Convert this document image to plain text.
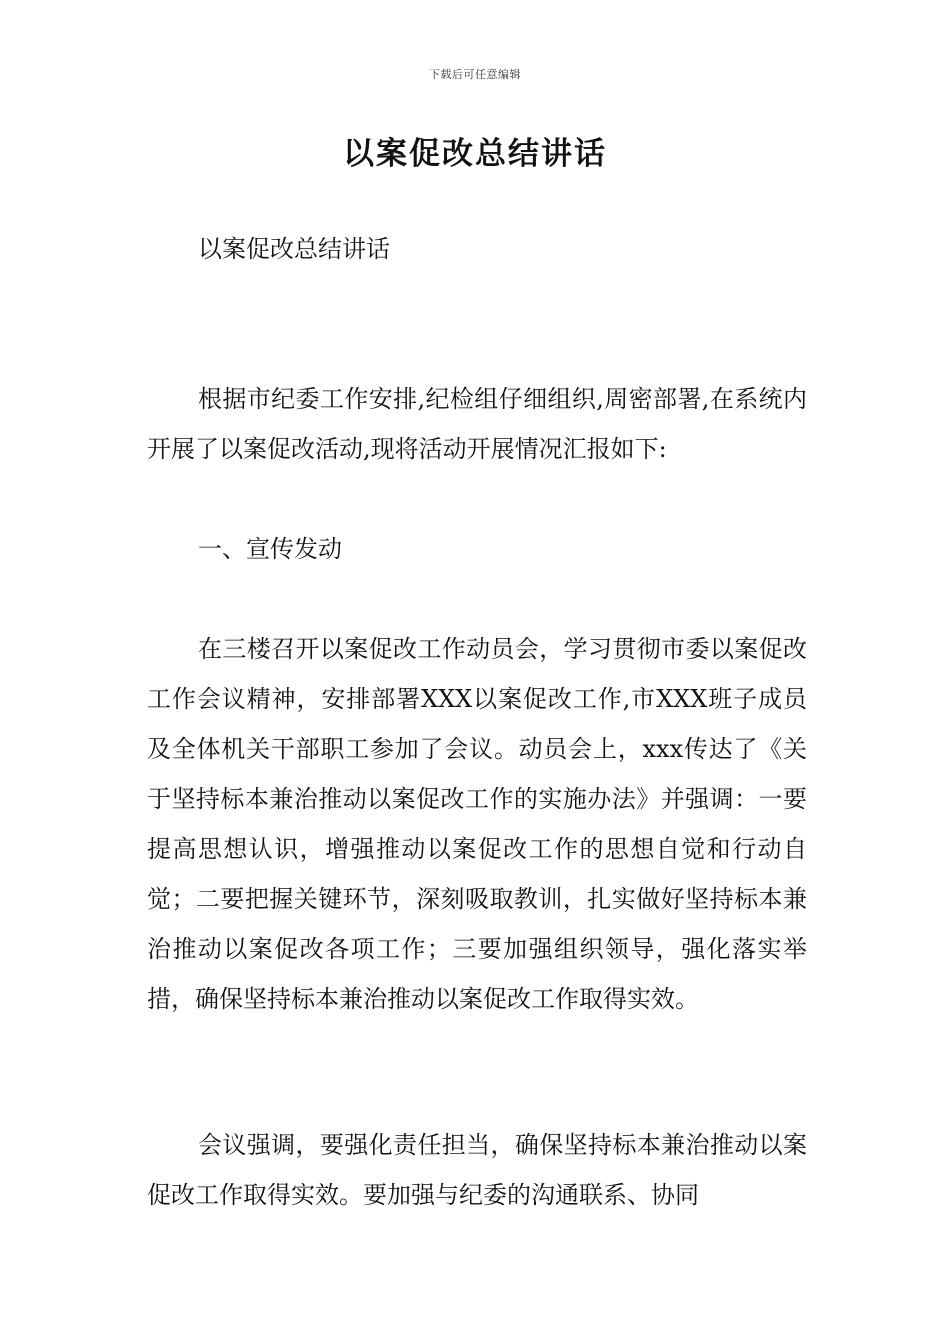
下载后可任意编辑
以案促改总结讲话
以案促改总结讲话

根据市纪委工作安排,纪检组仔细组织,周密部署,在系统内开展了以案促改活动,现将活动开展情况汇报如下:

一、宣传发动

在三楼召开以案促改工作动员会，学习贯彻市委以案促改工作会议精神，安排部署XXX以案促改工作,市XXX班子成员及全体机关干部职工参加了会议。动员会上，xxx传达了《关于坚持标本兼治推动以案促改工作的实施办法》并强调：一要提高思想认识，增强推动以案促改工作的思想自觉和行动自觉；二要把握关键环节，深刻吸取教训，扎实做好坚持标本兼治推动以案促改各项工作；三要加强组织领导，强化落实举措，确保坚持标本兼治推动以案促改工作取得实效。

会议强调，要强化责任担当，确保坚持标本兼治推动以案促改工作取得实效。要加强与纪委的沟通联系、协同
